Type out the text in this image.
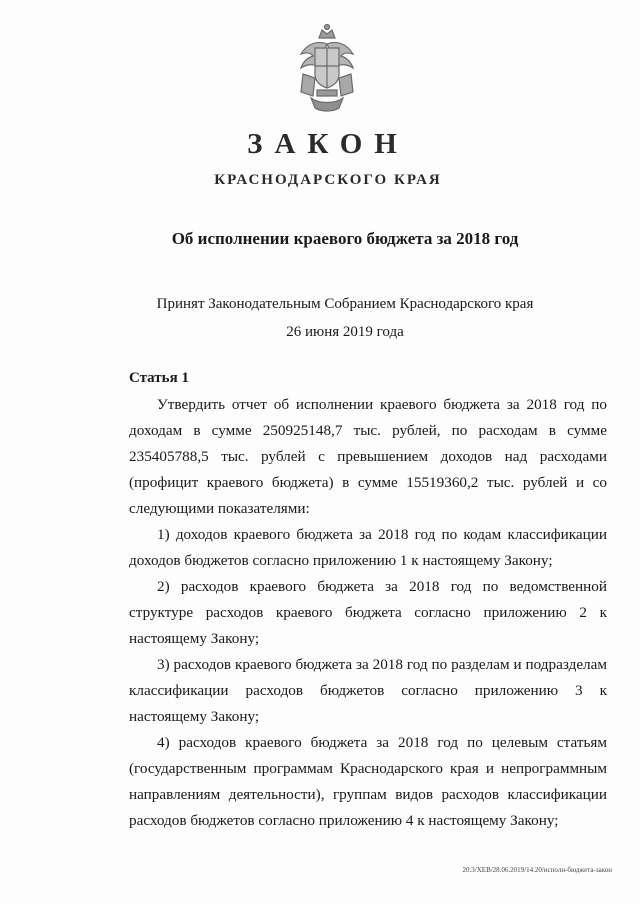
ЗАКОН
КРАСНОДАРСКОГО КРАЯ
Об исполнении краевого бюджета за 2018 год
Принят Законодательным Собранием Краснодарского края
26 июня 2019 года
Статья 1

Утвердить отчет об исполнении краевого бюджета за 2018 год по доходам в сумме 250925148,7 тыс. рублей, по расходам в сумме 235405788,5 тыс. рублей с превышением доходов над расходами (профицит краевого бюджета) в сумме 15519360,2 тыс. рублей и со следующими показателями:

1) доходов краевого бюджета за 2018 год по кодам классификации доходов бюджетов согласно приложению 1 к настоящему Закону;

2) расходов краевого бюджета за 2018 год по ведомственной структуре расходов краевого бюджета согласно приложению 2 к настоящему Закону;

3) расходов краевого бюджета за 2018 год по разделам и подразделам классификации расходов бюджетов согласно приложению 3 к настоящему Закону;

4) расходов краевого бюджета за 2018 год по целевым статьям (государственным программам Краснодарского края и непрограммным направлениям деятельности), группам видов расходов классификации расходов бюджетов согласно приложению 4 к настоящему Закону;

20.3/ХЕВ/28.06.2019/14.20/исполн-бюджета-закон
